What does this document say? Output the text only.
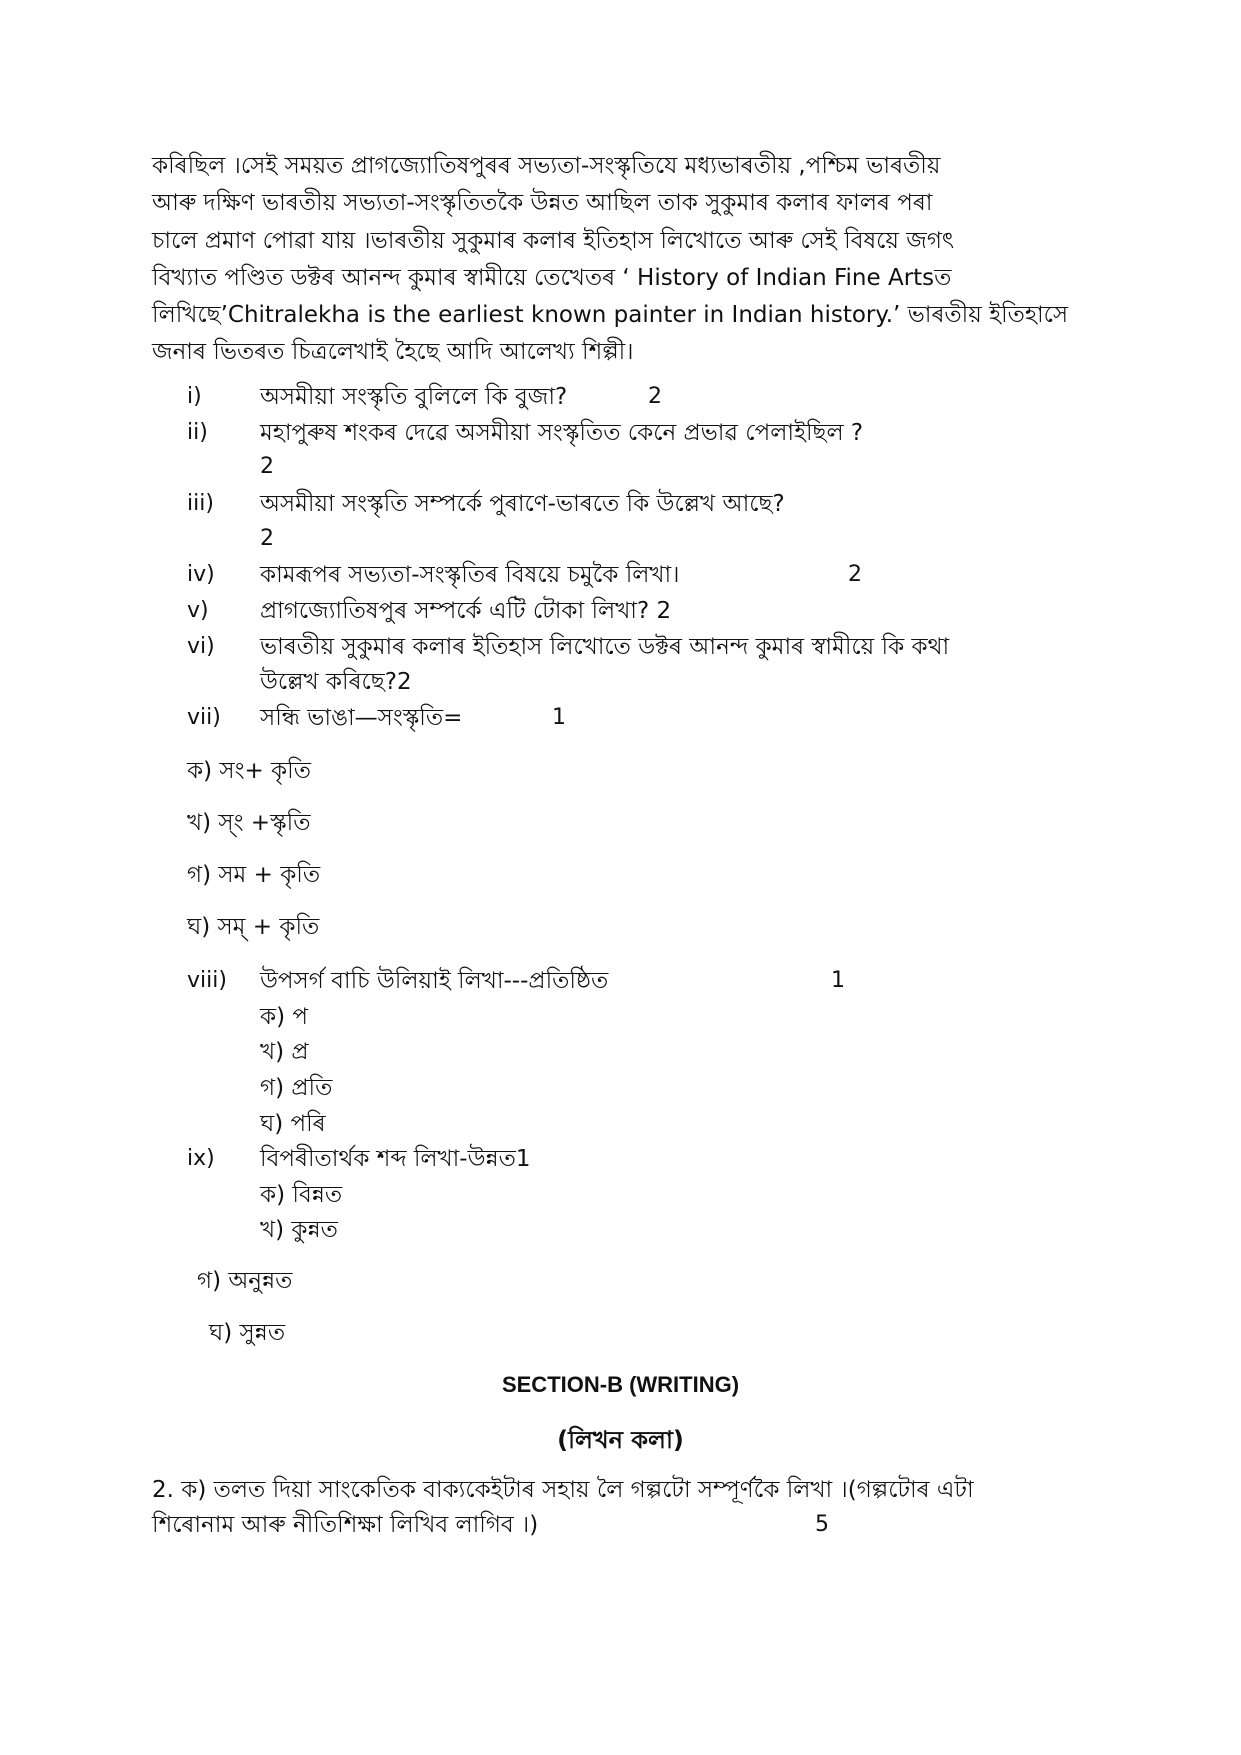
কৰিছিল ।সেই সময়ত প্ৰাগজ্যোতিষপুৰৰ সভ্যতা-সংস্কৃতিযে মধ্যভাৰতীয় ,পশ্চিম ভাৰতীয়
আৰু দক্ষিণ ভাৰতীয় সভ্যতা-সংস্কৃতিতকৈ উন্নত আছিল তাক সুকুমাৰ কলাৰ ফালৰ পৰা
চালে প্ৰমাণ পোৱা যায় ।ভাৰতীয় সুকুমাৰ কলাৰ ইতিহাস লিখোতে আৰু সেই বিষয়ে জগৎ
বিখ্যাত পণ্ডিত ডক্টৰ আনন্দ কুমাৰ স্বামীয়ে তেখেতৰ ‘ History of Indian Fine Artsত
লিখিছে’Chitralekha is the earliest known painter in Indian history.’ ভাৰতীয় ইতিহাসে
জনাৰ ভিতৰত চিত্ৰলেখাই হৈছে আদি আলেখ্য শিল্পী।
i)	অসমীয়া সংস্কৃতি বুলিলে কি বুজা?	2
ii) মহাপুৰুষ শংকৰ দেৱে অসমীয়া সংস্কৃতিত কেনে প্ৰভাৱ পেলাইছিল ?
2
iii) অসমীয়া সংস্কৃতি সম্পৰ্কে পুৰাণে-ভাৰতে কি উল্লেখ আছে?
2
iv) কামৰূপৰ সভ্যতা-সংস্কৃতিৰ বিষয়ে চমুকৈ লিখা।	2
v) প্ৰাগজ্যোতিষপুৰ সম্পৰ্কে এটি টোকা লিখা? 2
vi) ভাৰতীয় সুকুমাৰ কলাৰ ইতিহাস লিখোতে ডক্টৰ আনন্দ কুমাৰ স্বামীয়ে কি কথা
উল্লেখ কৰিছে?2
vii) সন্ধি ভাঙা—সংস্কৃতি=	1
ক) সং+ কৃতি
খ) স্ং +স্কৃতি
গ) সম + কৃতি
ঘ) সম্ + কৃতি
viii) উপসৰ্গ বাচি উলিয়াই লিখা---প্ৰতিষ্ঠিত	1
ক) প
খ) প্ৰ
গ) প্ৰতি
ঘ) পৰি
ix) বিপৰীতাৰ্থক শব্দ লিখা-উন্নত1
ক) বিন্নত
খ) কুন্নত
গ) অনুন্নত
ঘ) সুন্নত
SECTION-B (WRITING)
(লিখন কলা)
2. ক) তলত দিয়া সাংকেতিক বাক্যকেইটাৰ সহায় লৈ গল্পটো সম্পূৰ্ণকৈ লিখা ।(গল্পটোৰ এটা
শিৰোনাম আৰু নীতিশিক্ষা লিখিব লাগিব ।)	5
